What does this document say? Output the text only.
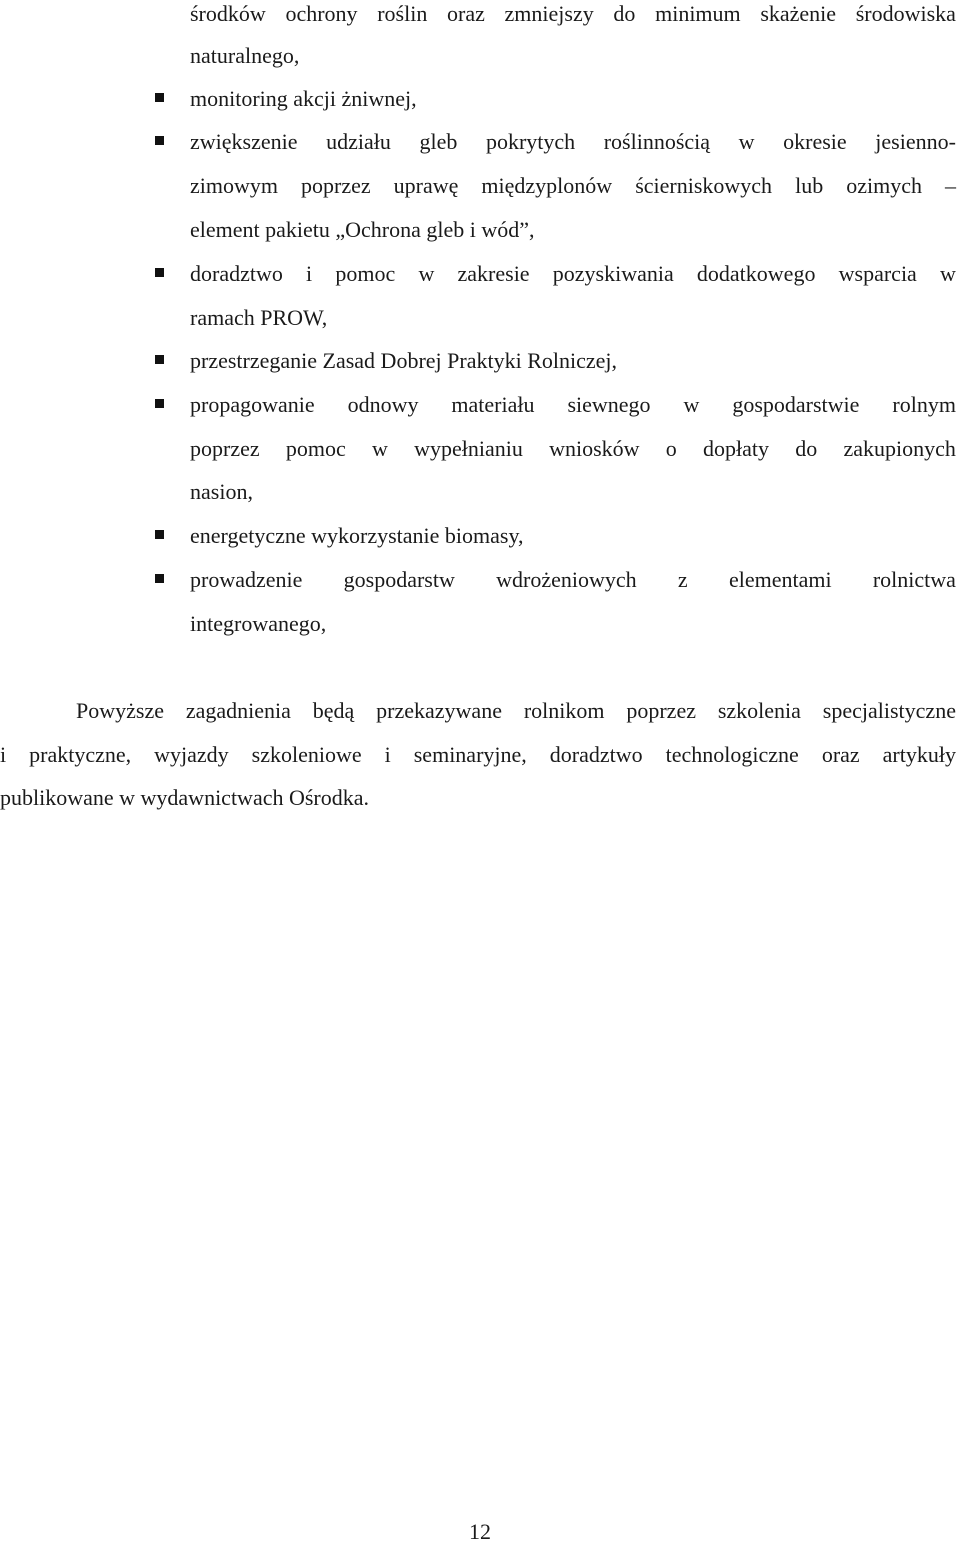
środków ochrony roślin oraz zmniejszy do minimum skażenie środowiska
naturalnego,
monitoring akcji żniwnej,
zwiększenie udziału gleb pokrytych roślinnością w okresie jesienno-
zimowym poprzez uprawę międzyplonów ścierniskowych lub ozimych –
element pakietu „Ochrona gleb i wód”,
doradztwo i pomoc w zakresie pozyskiwania dodatkowego wsparcia w
ramach PROW,
przestrzeganie Zasad Dobrej Praktyki Rolniczej,
propagowanie odnowy materiału siewnego w gospodarstwie rolnym
poprzez pomoc w wypełnianiu wniosków o dopłaty do zakupionych
nasion,
energetyczne wykorzystanie biomasy,
prowadzenie gospodarstw wdrożeniowych z elementami rolnictwa
integrowanego,
Powyższe zagadnienia będą przekazywane rolnikom poprzez szkolenia specjalistyczne
i praktyczne, wyjazdy szkoleniowe i seminaryjne, doradztwo technologiczne oraz artykuły
publikowane w wydawnictwach Ośrodka.
12
